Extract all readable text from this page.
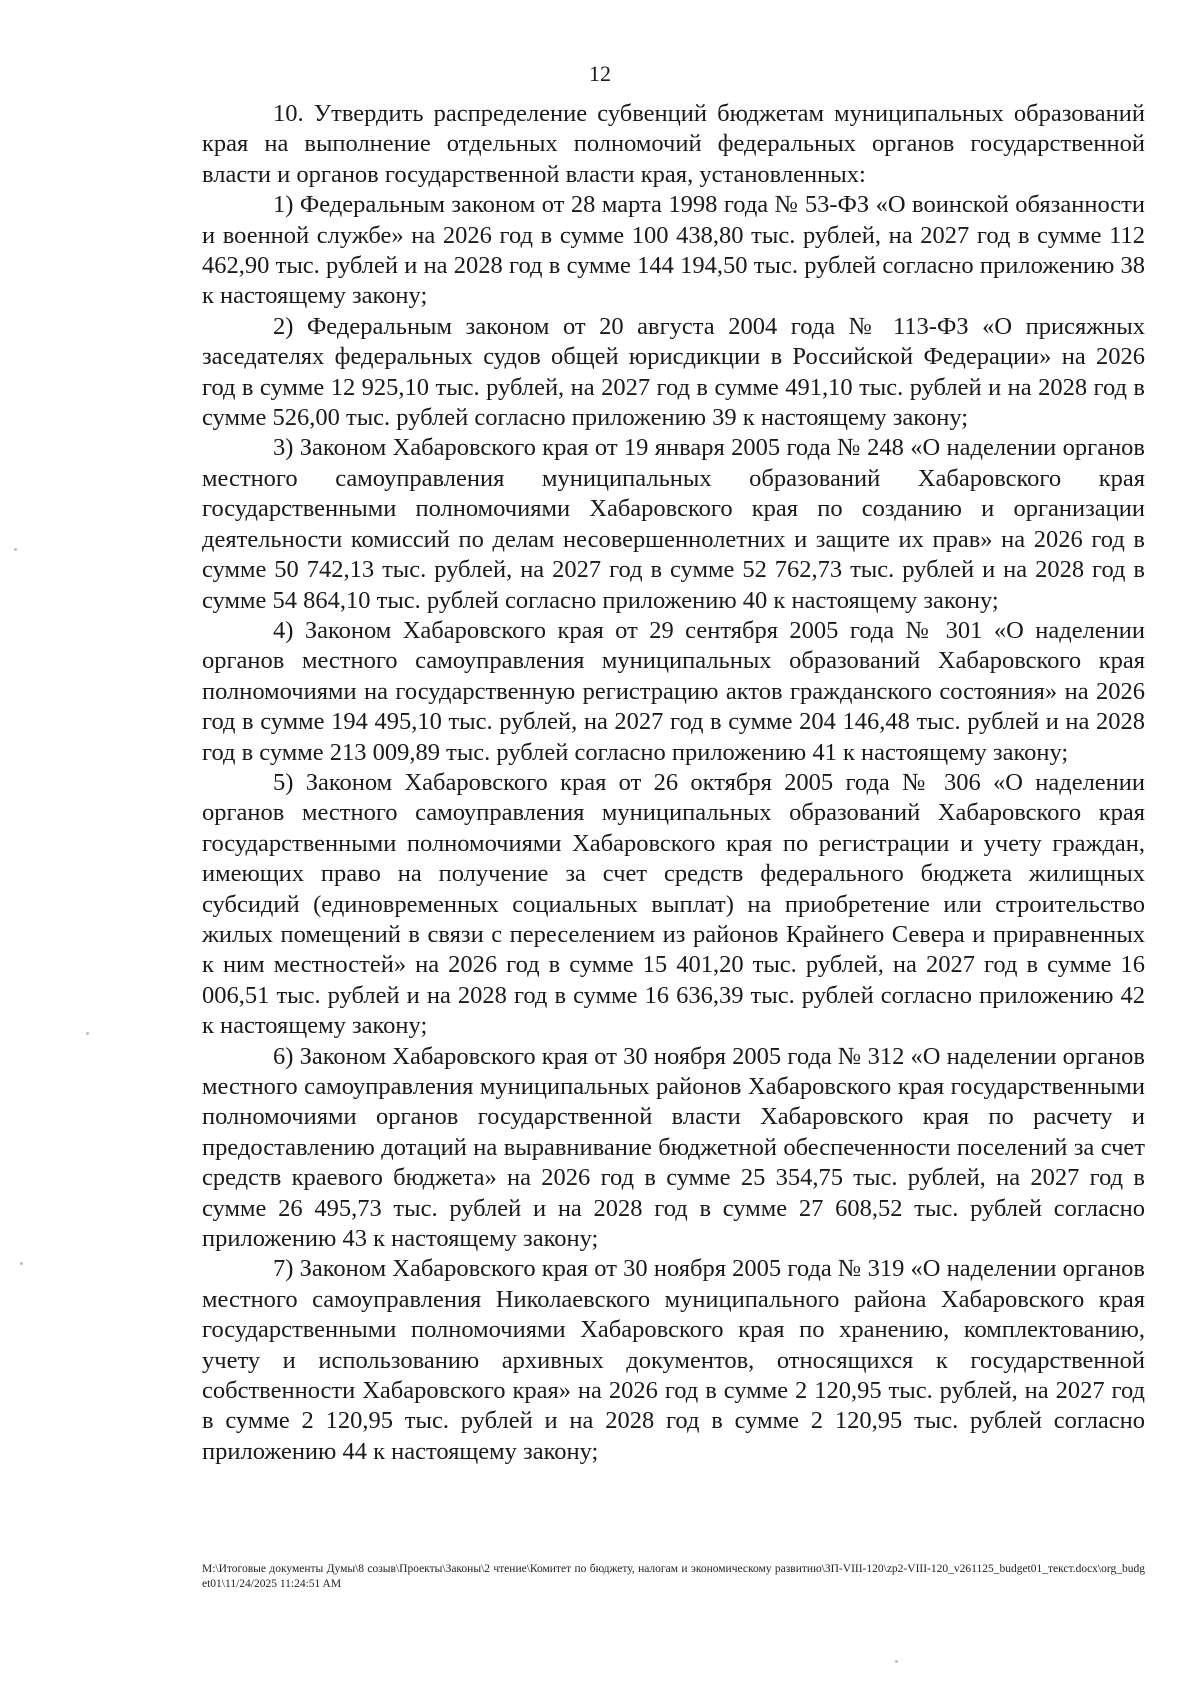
12

10. Утвердить распределение субвенций бюджетам муниципальных образований края на выполнение отдельных полномочий федеральных органов государственной власти и органов государственной власти края, установленных:

1) Федеральным законом от 28 марта 1998 года № 53-ФЗ «О воинской обязанности и военной службе» на 2026 год в сумме 100 438,80 тыс. рублей, на 2027 год в сумме 112 462,90 тыс. рублей и на 2028 год в сумме 144 194,50 тыс. рублей согласно приложению 38 к настоящему закону;

2) Федеральным законом от 20 августа 2004 года № 113-ФЗ «О присяжных заседателях федеральных судов общей юрисдикции в Российской Федерации» на 2026 год в сумме 12 925,10 тыс. рублей, на 2027 год в сумме 491,10 тыс. рублей и на 2028 год в сумме 526,00 тыс. рублей согласно приложению 39 к настоящему закону;

3) Законом Хабаровского края от 19 января 2005 года № 248 «О наделении органов местного самоуправления муниципальных образований Хабаровского края государственными полномочиями Хабаровского края по созданию и организации деятельности комиссий по делам несовершеннолетних и защите их прав» на 2026 год в сумме 50 742,13 тыс. рублей, на 2027 год в сумме 52 762,73 тыс. рублей и на 2028 год в сумме 54 864,10 тыс. рублей согласно приложению 40 к настоящему закону;

4) Законом Хабаровского края от 29 сентября 2005 года № 301 «О наделении органов местного самоуправления муниципальных образований Хабаровского края полномочиями на государственную регистрацию актов гражданского состояния» на 2026 год в сумме 194 495,10 тыс. рублей, на 2027 год в сумме 204 146,48 тыс. рублей и на 2028 год в сумме 213 009,89 тыс. рублей согласно приложению 41 к настоящему закону;

5) Законом Хабаровского края от 26 октября 2005 года № 306 «О наделении органов местного самоуправления муниципальных образований Хабаровского края государственными полномочиями Хабаровского края по регистрации и учету граждан, имеющих право на получение за счет средств федерального бюджета жилищных субсидий (единовременных социальных выплат) на приобретение или строительство жилых помещений в связи с переселением из районов Крайнего Севера и приравненных к ним местностей» на 2026 год в сумме 15 401,20 тыс. рублей, на 2027 год в сумме 16 006,51 тыс. рублей и на 2028 год в сумме 16 636,39 тыс. рублей согласно приложению 42 к настоящему закону;

6) Законом Хабаровского края от 30 ноября 2005 года № 312 «О наделении органов местного самоуправления муниципальных районов Хабаровского края государственными полномочиями органов государственной власти Хабаровского края по расчету и предоставлению дотаций на выравнивание бюджетной обеспеченности поселений за счет средств краевого бюджета» на 2026 год в сумме 25 354,75 тыс. рублей, на 2027 год в сумме 26 495,73 тыс. рублей и на 2028 год в сумме 27 608,52 тыс. рублей согласно приложению 43 к настоящему закону;

7) Законом Хабаровского края от 30 ноября 2005 года № 319 «О наделении органов местного самоуправления Николаевского муниципального района Хабаровского края государственными полномочиями Хабаровского края по хранению, комплектованию, учету и использованию архивных документов, относящихся к государственной собственности Хабаровского края» на 2026 год в сумме 2 120,95 тыс. рублей, на 2027 год в сумме 2 120,95 тыс. рублей и на 2028 год в сумме 2 120,95 тыс. рублей согласно приложению 44 к настоящему закону;

M:\Итоговые документы Думы\8 созыв\Проекты\Законы\2 чтение\Комитет по бюджету, налогам и экономическому развитию\ЗП-VIII-120\zp2-VIII-120_v261125_budget01_текст.docx\org_budget01\11/24/2025 11:24:51 AM
